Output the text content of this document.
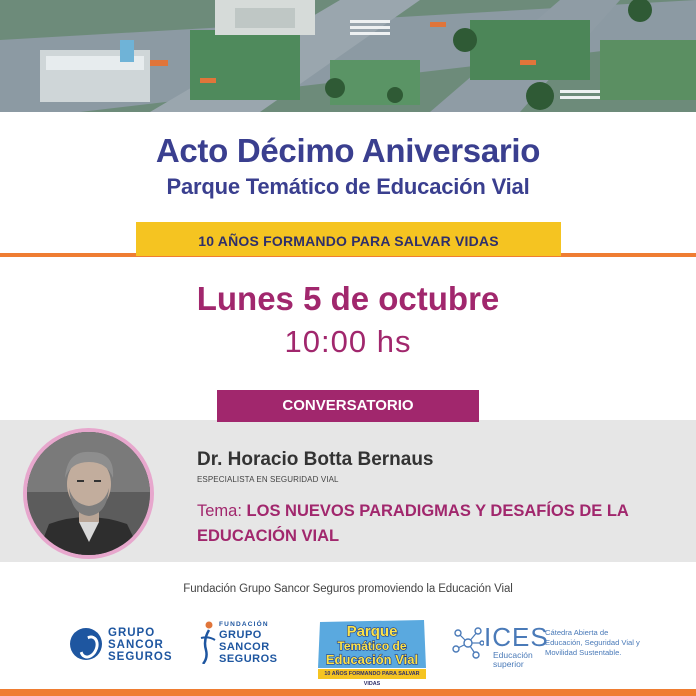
Acto Décimo Aniversario
Parque Temático de Educación Vial
10 AÑOS FORMANDO PARA SALVAR VIDAS
Lunes 5 de octubre
10:00 hs
CONVERSATORIO
Dr. Horacio Botta Bernaus
ESPECIALISTA EN SEGURIDAD VIAL
Tema: LOS NUEVOS PARADIGMAS Y DESAFÍOS DE LA EDUCACIÓN VIAL
Fundación Grupo Sancor Seguros promoviendo la Educación Vial
GRUPO
SANCOR
SEGUROS
FUNDACIÓN
GRUPO
SANCOR
SEGUROS
Parque
Temático de
Educación Vial
10 AÑOS FORMANDO PARA SALVAR VIDAS
ICES
Educación
superior
Cátedra Abierta de Educación, Seguridad Vial y Movilidad Sustentable.
